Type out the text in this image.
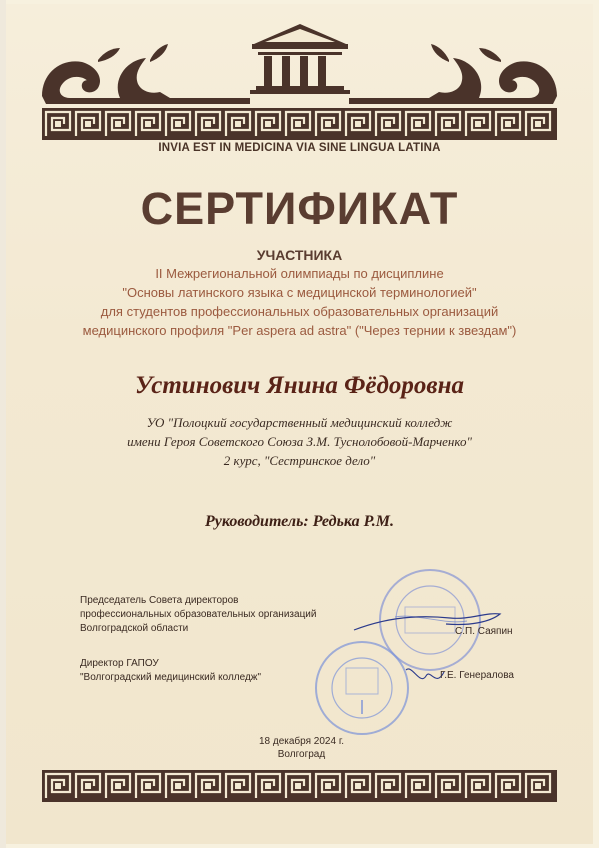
INVIA EST IN MEDICINA VIA SINE LINGUA LATINA
СЕРТИФИКАТ
УЧАСТНИКА
II Межрегиональной олимпиады по дисциплине
"Основы латинского языка с медицинской терминологией"
для студентов профессиональных образовательных организаций
медицинского профиля "Per aspera ad astra" ("Через тернии к звездам")
Устинович Янина Фёдоровна
УО "Полоцкий государственный медицинский колледж
имени Героя Советского Союза З.М. Туснолобовой-Марченко"
2 курс, "Сестринское дело"
Руководитель: Редька Р.М.
Председатель Совета директоров
профессиональных образовательных организаций
Волгоградской области	С.П. Саяпин
Директор ГАПОУ
"Волгоградский медицинский колледж"	Г.Е. Генералова
18 декабря 2024 г.
Волгоград
